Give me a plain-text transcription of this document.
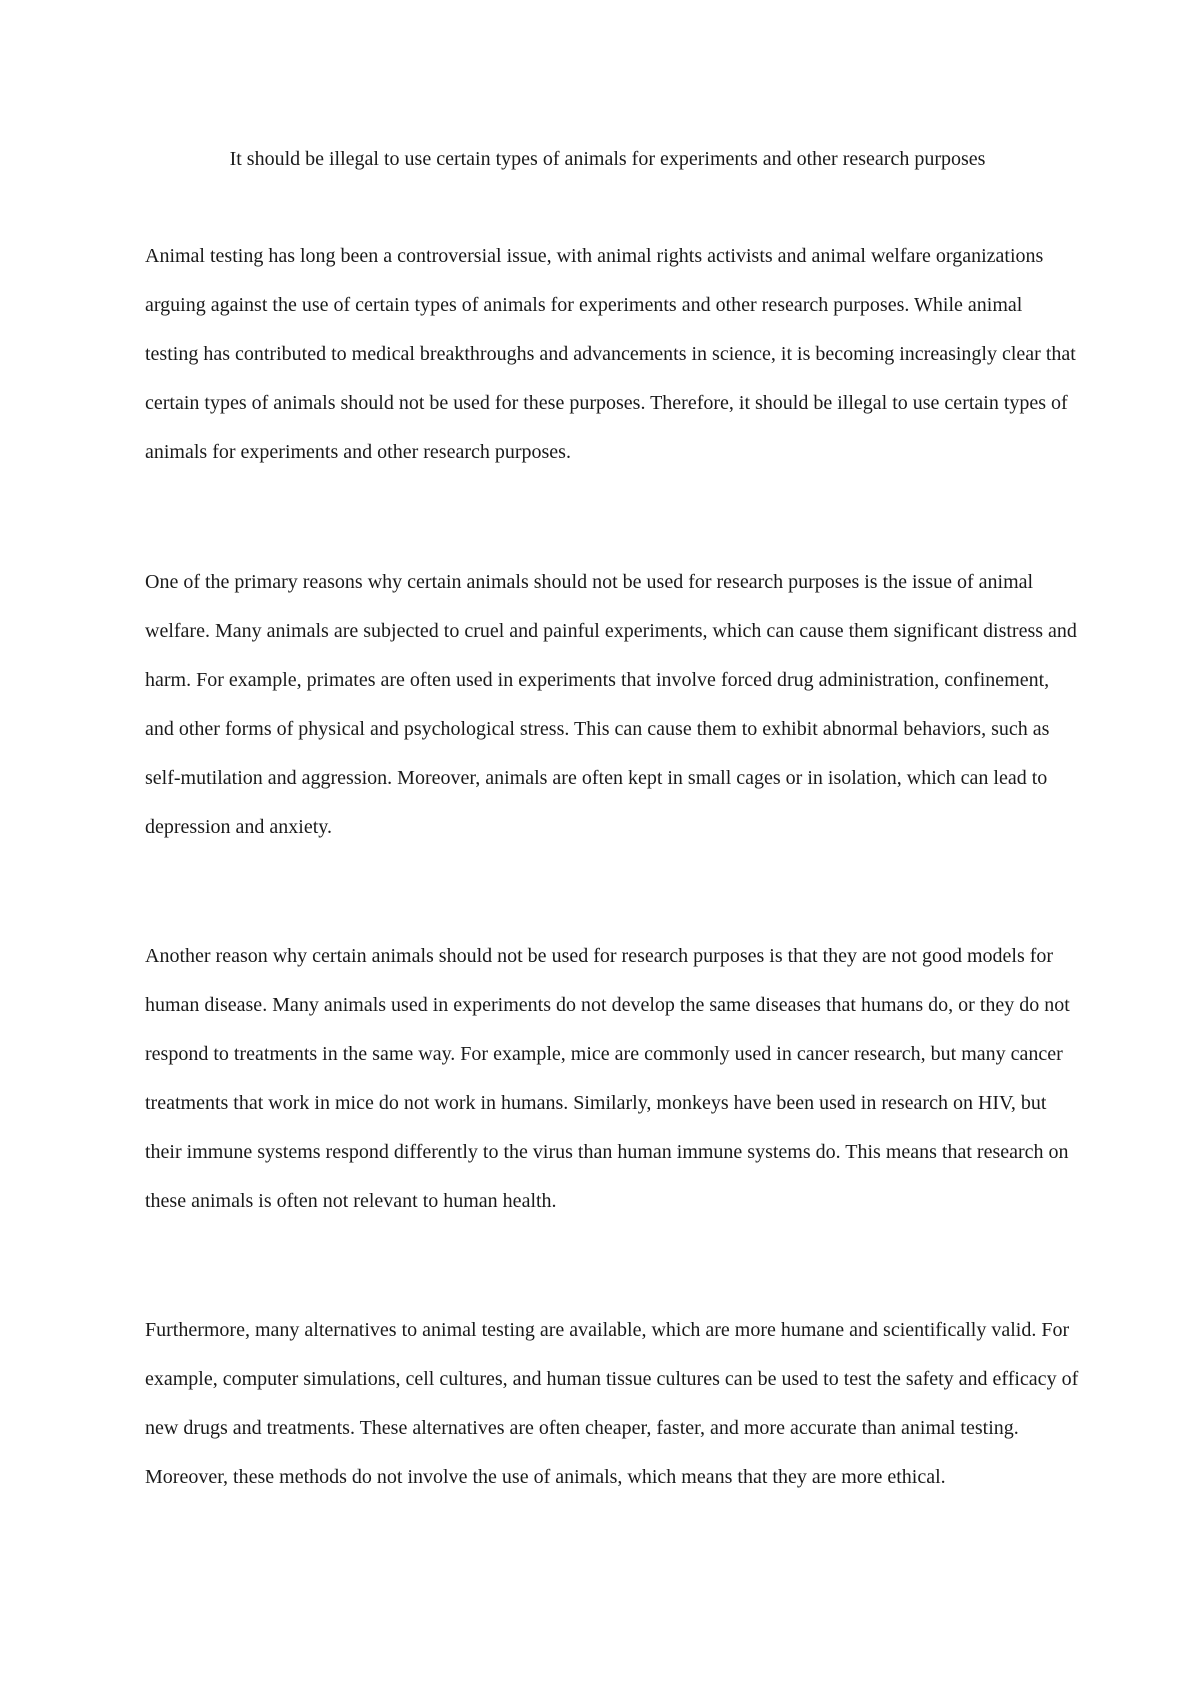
It should be illegal to use certain types of animals for experiments and other research purposes

Animal testing has long been a controversial issue, with animal rights activists and animal welfare organizations arguing against the use of certain types of animals for experiments and other research purposes. While animal testing has contributed to medical breakthroughs and advancements in science, it is becoming increasingly clear that certain types of animals should not be used for these purposes. Therefore, it should be illegal to use certain types of animals for experiments and other research purposes.

One of the primary reasons why certain animals should not be used for research purposes is the issue of animal welfare. Many animals are subjected to cruel and painful experiments, which can cause them significant distress and harm. For example, primates are often used in experiments that involve forced drug administration, confinement, and other forms of physical and psychological stress. This can cause them to exhibit abnormal behaviors, such as self-mutilation and aggression. Moreover, animals are often kept in small cages or in isolation, which can lead to depression and anxiety.

Another reason why certain animals should not be used for research purposes is that they are not good models for human disease. Many animals used in experiments do not develop the same diseases that humans do, or they do not respond to treatments in the same way. For example, mice are commonly used in cancer research, but many cancer treatments that work in mice do not work in humans. Similarly, monkeys have been used in research on HIV, but their immune systems respond differently to the virus than human immune systems do. This means that research on these animals is often not relevant to human health.

Furthermore, many alternatives to animal testing are available, which are more humane and scientifically valid. For example, computer simulations, cell cultures, and human tissue cultures can be used to test the safety and efficacy of new drugs and treatments. These alternatives are often cheaper, faster, and more accurate than animal testing. Moreover, these methods do not involve the use of animals, which means that they are more ethical.
